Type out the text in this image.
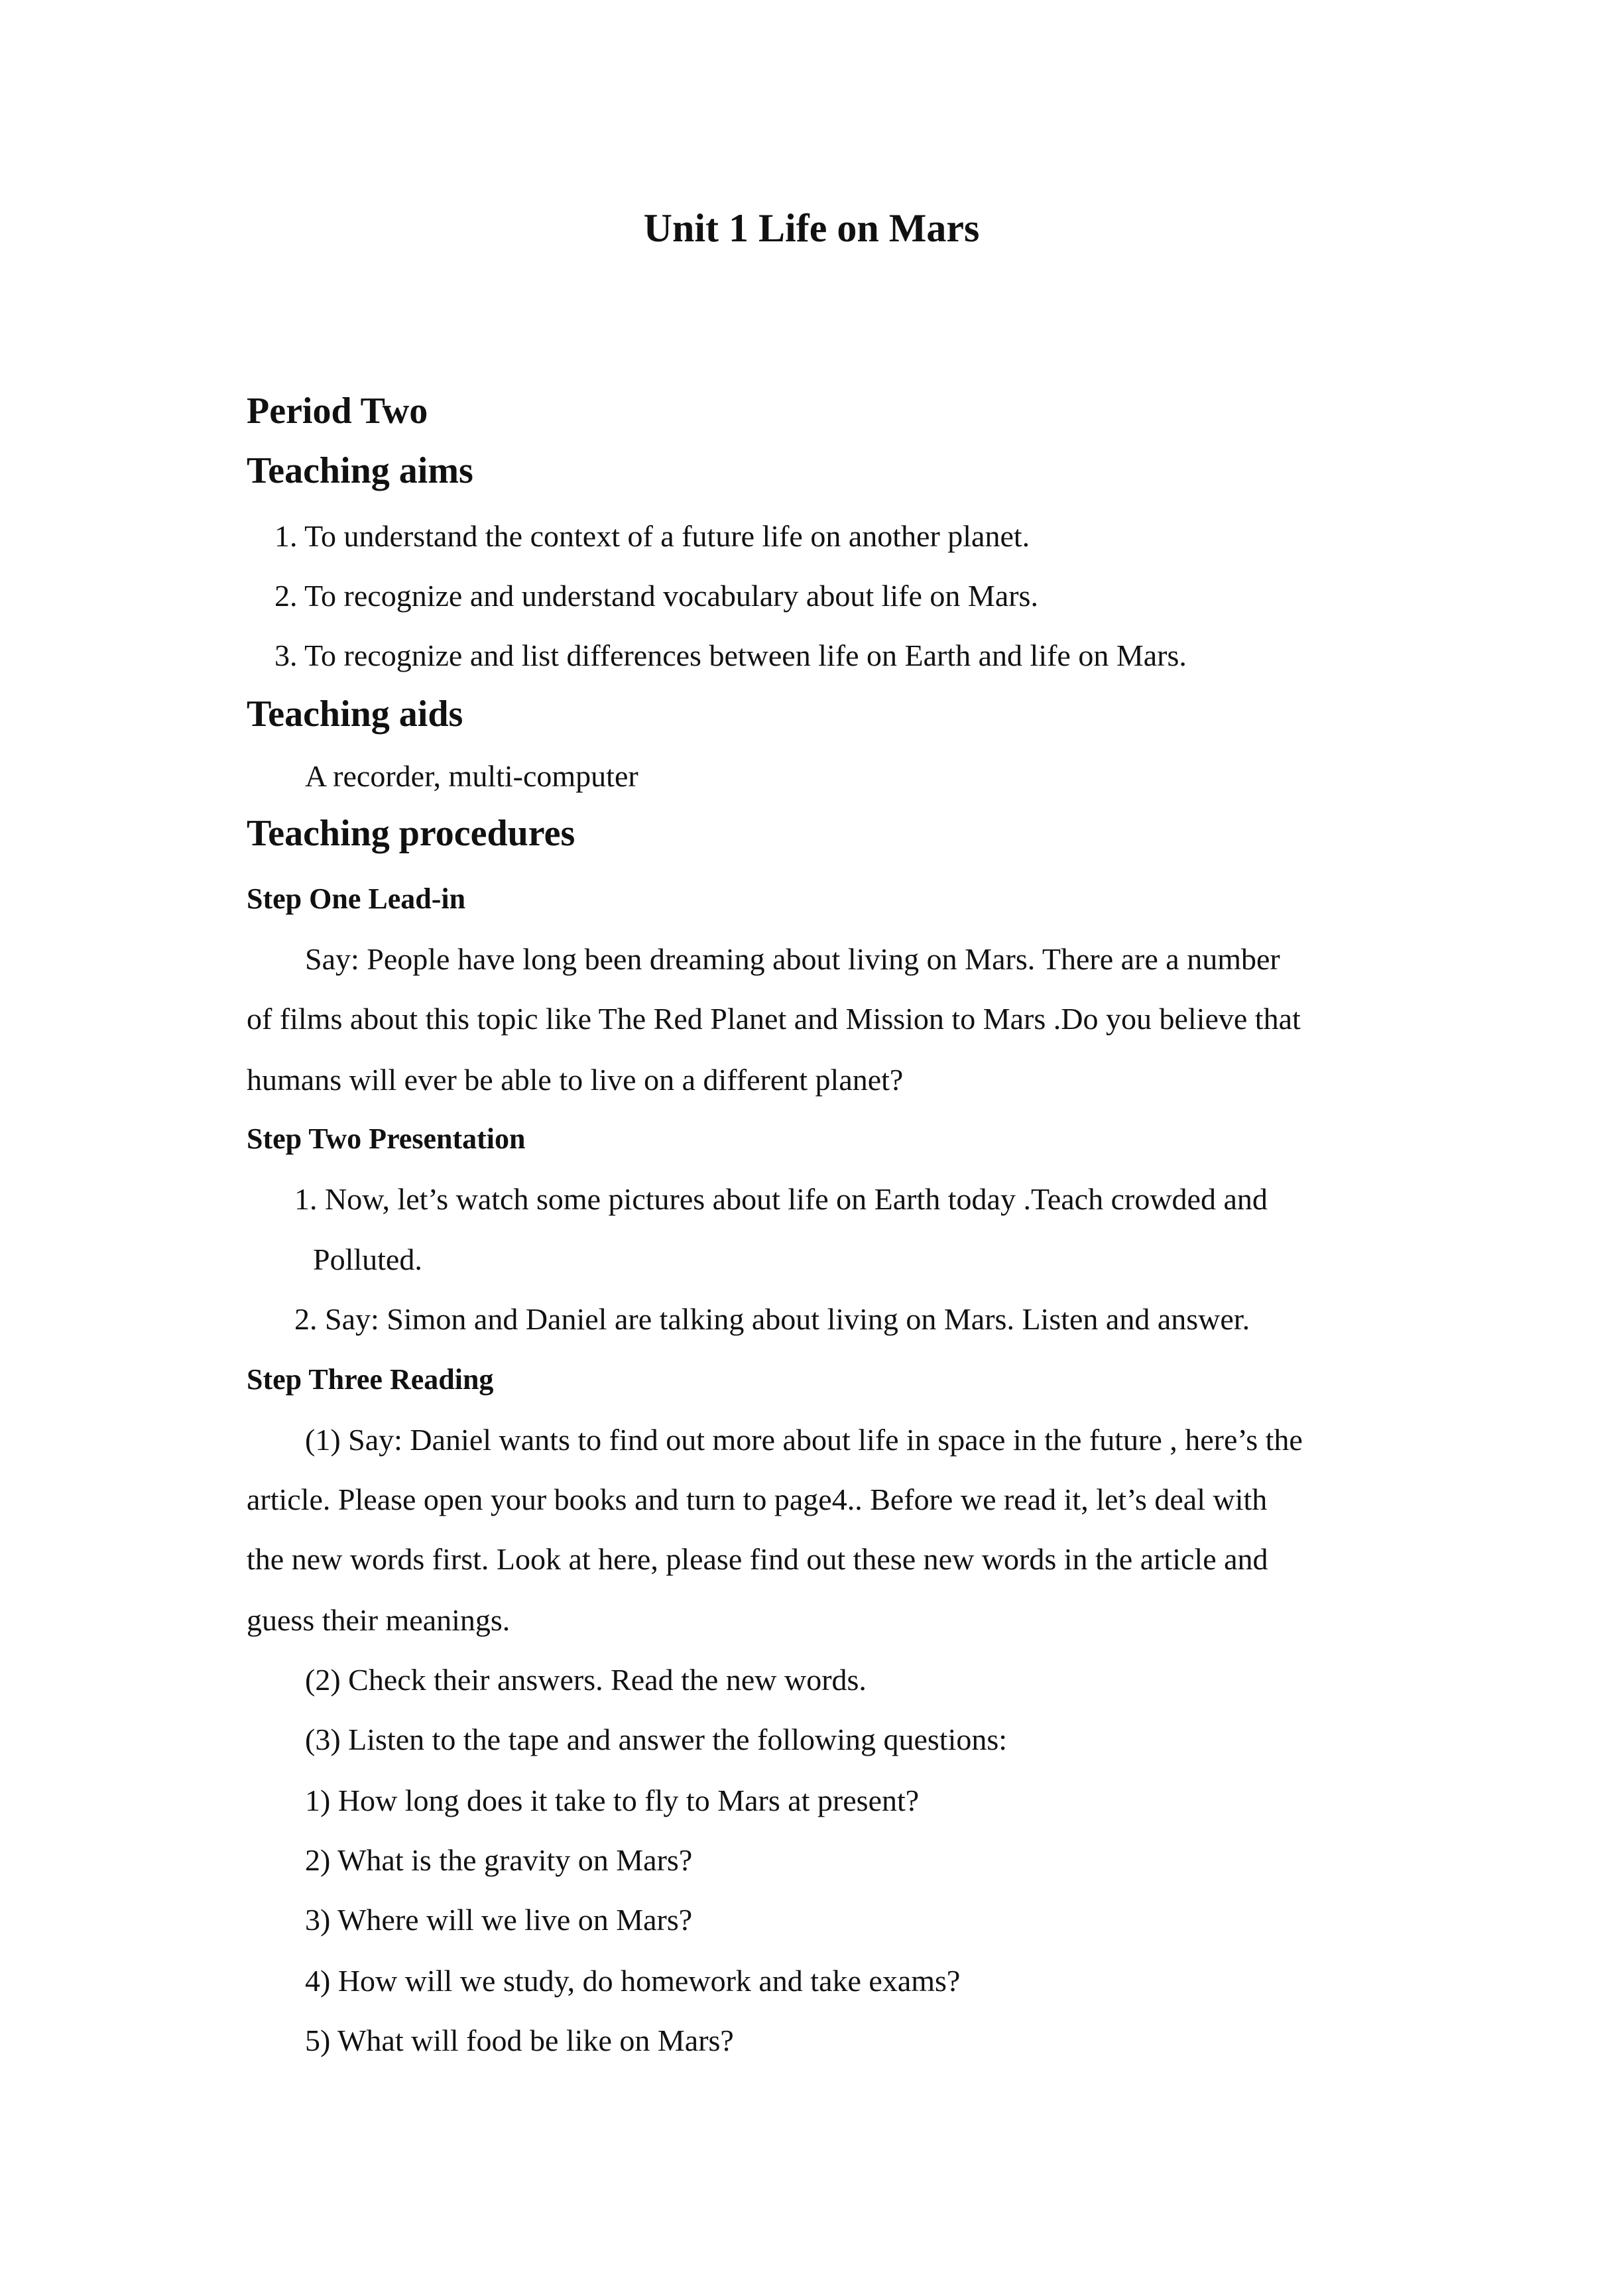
Unit 1 Life on Mars
Period Two
Teaching aims
1. To understand the context of a future life on another planet.
2. To recognize and understand vocabulary about life on Mars.
3. To recognize and list differences between life on Earth and life on Mars.
Teaching aids
A recorder, multi-computer
Teaching procedures
Step One Lead-in
Say: People have long been dreaming about living on Mars. There are a number
of films about this topic like The Red Planet and Mission to Mars .Do you believe that
humans will ever be able to live on a different planet?
Step Two Presentation
1. Now, let’s watch some pictures about life on Earth today .Teach crowded and
Polluted.
2. Say: Simon and Daniel are talking about living on Mars. Listen and answer.
Step Three Reading
(1) Say: Daniel wants to find out more about life in space in the future , here’s the
article. Please open your books and turn to page4.. Before we read it, let’s deal with
the new words first. Look at here, please find out these new words in the article and
guess their meanings.
(2) Check their answers. Read the new words.
(3) Listen to the tape and answer the following questions:
1) How long does it take to fly to Mars at present?
2) What is the gravity on Mars?
3) Where will we live on Mars?
4) How will we study, do homework and take exams?
5) What will food be like on Mars?
